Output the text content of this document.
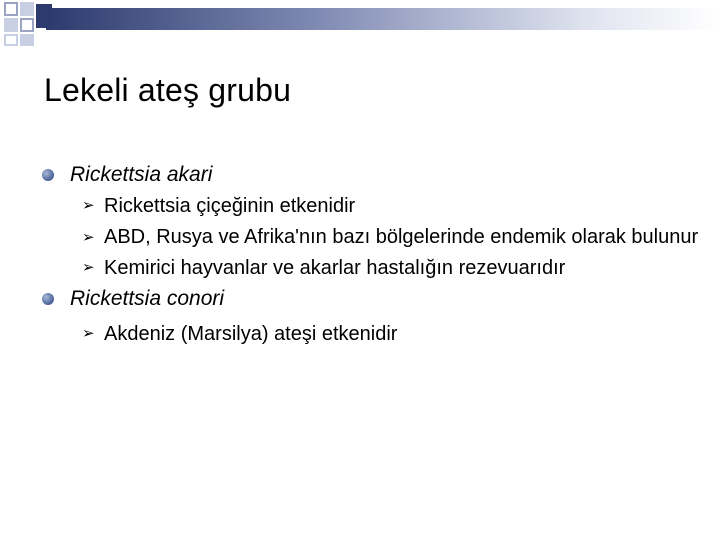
Lekeli ateş grubu
Rickettsia akari
➢ Rickettsia çiçeğinin etkenidir
➢ ABD, Rusya ve Afrika'nın bazı bölgelerinde endemik olarak bulunur
➢ Kemirici hayvanlar ve akarlar hastalığın rezevuarıdır
Rickettsia conori
➢ Akdeniz (Marsilya) ateşi etkenidir
